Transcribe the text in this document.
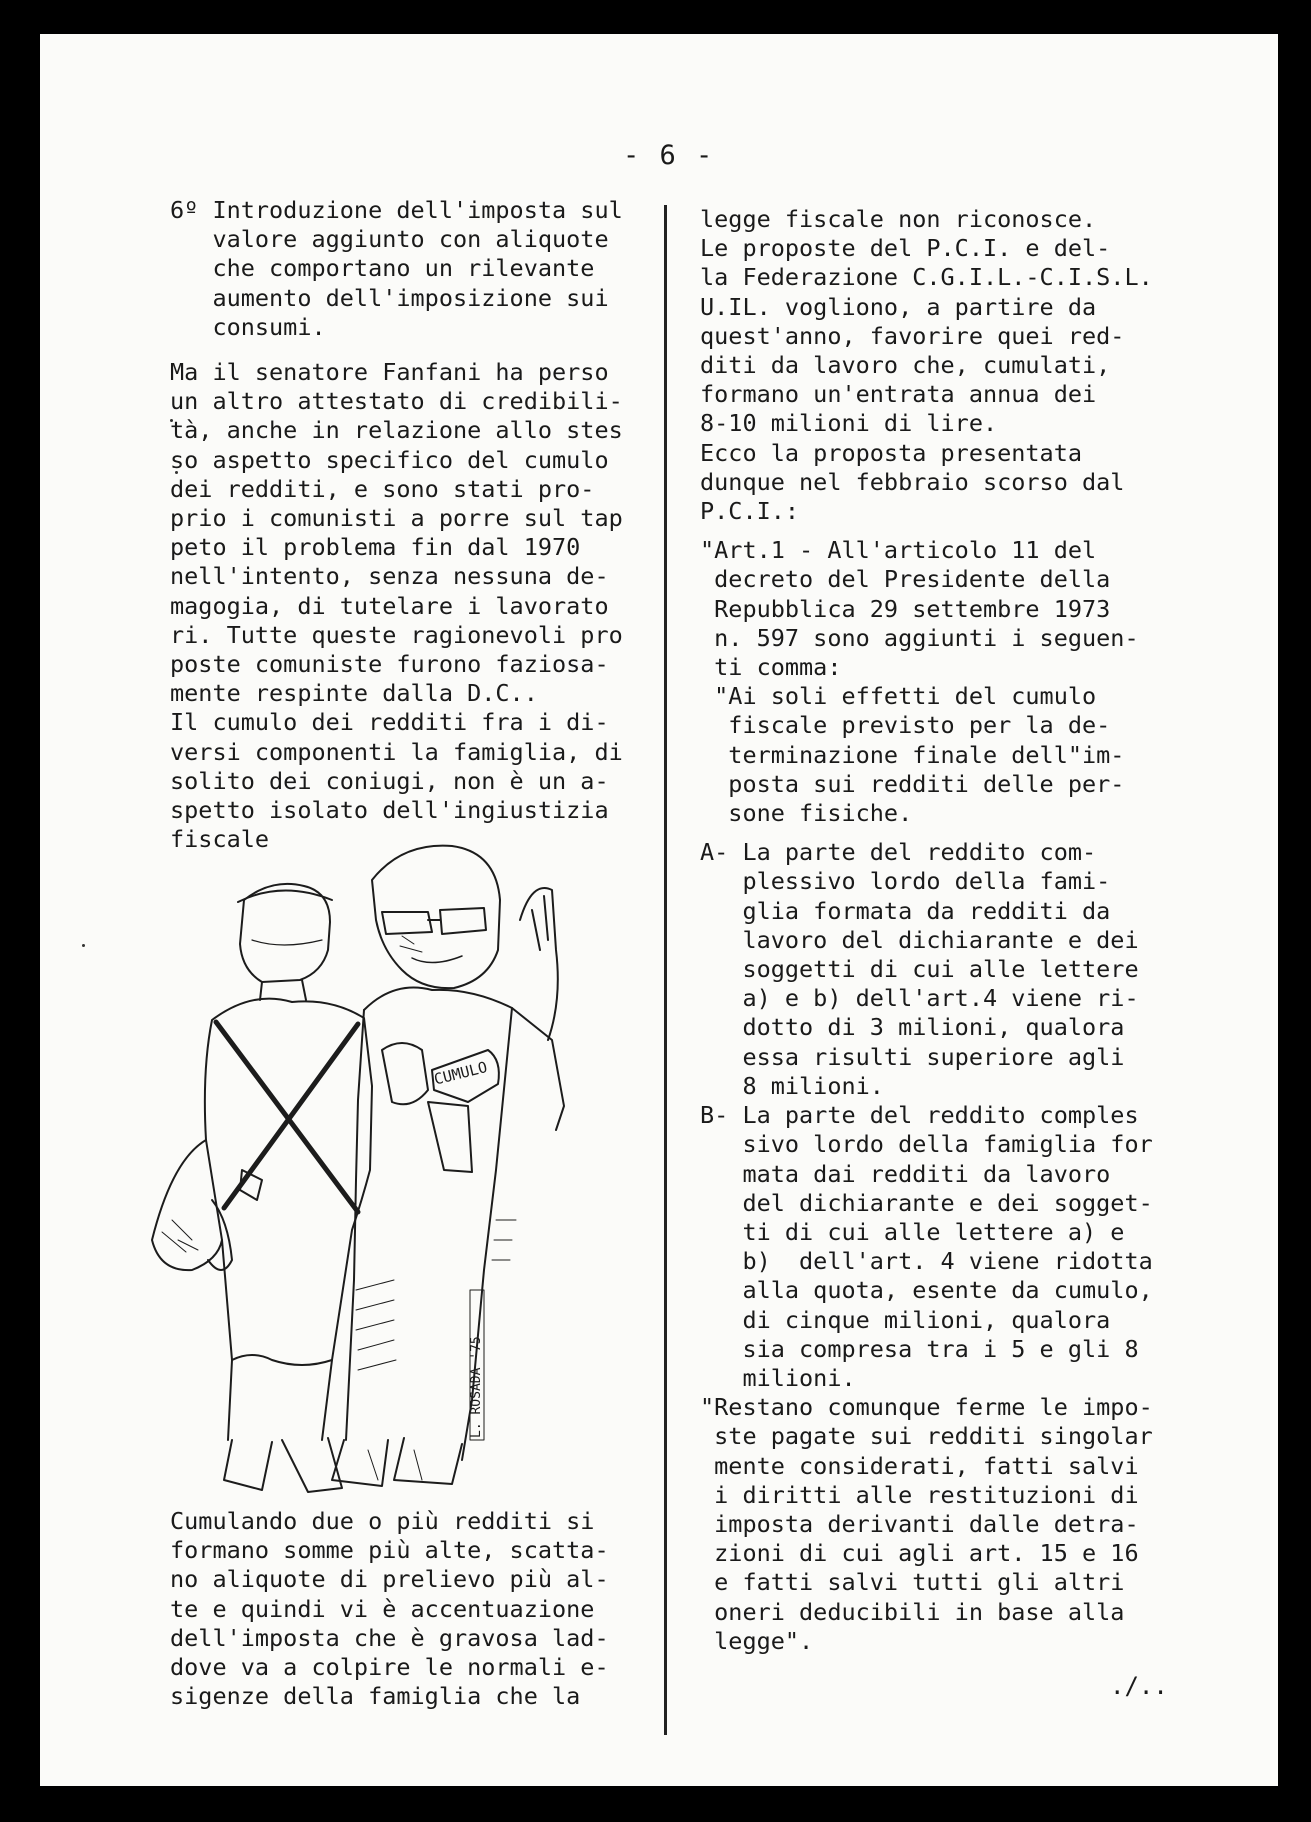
- 6 -
6º Introduzione dell'imposta sul
valore aggiunto con aliquote
che comportano un rilevante
aumento dell'imposizione sui
consumi.
Ma il senatore Fanfani ha perso
un altro attestato di credibili-
tà, anche in relazione allo stes
so aspetto specifico del cumulo
dei redditi, e sono stati pro-
prio i comunisti a porre sul tap
peto il problema fin dal 1970
nell'intento, senza nessuna de-
magogia, di tutelare i lavorato
ri. Tutte queste ragionevoli pro
poste comuniste furono faziosa-
mente respinte dalla D.C..
Il cumulo dei redditi fra i di-
versi componenti la famiglia, di
solito dei coniugi, non è un a-
spetto isolato dell'ingiustizia
fiscale
CUMULO
L. ROSADA '75
Cumulando due o più redditi si
formano somme più alte, scatta-
no aliquote di prelievo più al-
te e quindi vi è accentuazione
dell'imposta che è gravosa lad-
dove va a colpire le normali e-
sigenze della famiglia che la
legge fiscale non riconosce.
Le proposte del P.C.I. e del-
la Federazione C.G.I.L.-C.I.S.L.
U.IL. vogliono, a partire da
quest'anno, favorire quei red-
diti da lavoro che, cumulati,
formano un'entrata annua dei
8-10 milioni di lire.
Ecco la proposta presentata
dunque nel febbraio scorso dal
P.C.I.:
"Art.1 - All'articolo 11 del
decreto del Presidente della
Repubblica 29 settembre 1973
n. 597 sono aggiunti i seguen-
ti comma:
"Ai soli effetti del cumulo
fiscale previsto per la de-
terminazione finale dell"im-
posta sui redditi delle per-
sone fisiche.
A- La parte del reddito com-
plessivo lordo della fami-
glia formata da redditi da
lavoro del dichiarante e dei
soggetti di cui alle lettere
a) e b) dell'art.4 viene ri-
dotto di 3 milioni, qualora
essa risulti superiore agli
8 milioni.
B- La parte del reddito comples
sivo lordo della famiglia for
mata dai redditi da lavoro
del dichiarante e dei sogget-
ti di cui alle lettere a) e
b)  dell'art. 4 viene ridotta
alla quota, esente da cumulo,
di cinque milioni, qualora
sia compresa tra i 5 e gli 8
milioni.
"Restano comunque ferme le impo-
ste pagate sui redditi singolar
mente considerati, fatti salvi
i diritti alle restituzioni di
imposta derivanti dalle detra-
zioni di cui agli art. 15 e 16
e fatti salvi tutti gli altri
oneri deducibili in base alla
legge".
./..
